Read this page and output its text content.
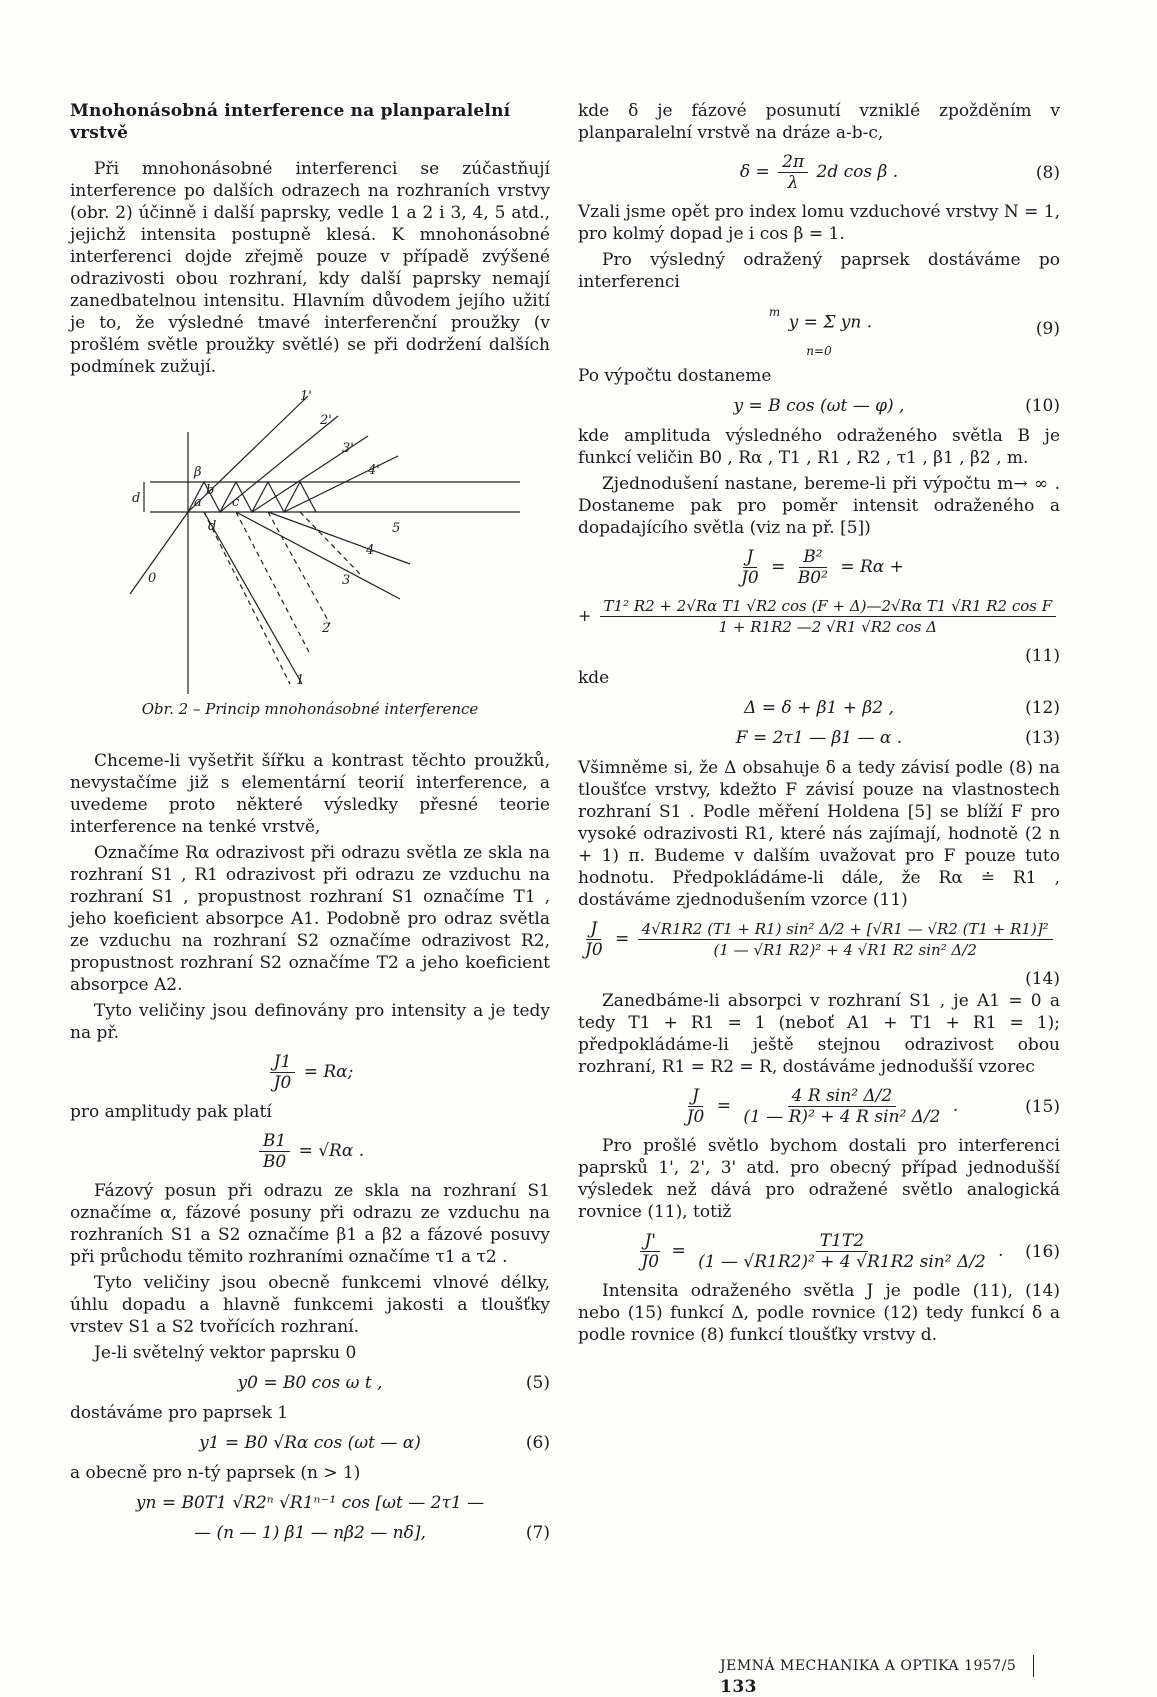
Mnohonásobná interference na planparalelní vrstvě

Při mnohonásobné interferenci se zúčastňují interference po dalších odrazech na rozhraních vrstvy (obr. 2) účinně i další paprsky, vedle 1 a 2 i 3, 4, 5 atd., jejichž intensita postupně klesá. K mnohonásobné interferenci dojde zřejmě pouze v případě zvýšené odrazivosti obou rozhraní, kdy další paprsky nemají zanedbatelnou intensitu. Hlavním důvodem jejího užití je to, že výsledné tmavé interferenční proužky (v prošlém světle proužky světlé) se při dodržení dalších podmínek zužují.

1'
2'
3'
4'
5
4
3
2
1
0
β
b
a c
d
d
Obr. 2 – Princip mnohonásobné interference

Chceme-li vyšetřit šířku a kontrast těchto proužků, nevystačíme již s elementární teorií interference, a uvedeme proto některé výsledky přesné teorie interference na tenké vrstvě,

Označíme Rα odrazivost při odrazu světla ze skla na rozhraní S1 , R1 odrazivost při odrazu ze vzduchu na rozhraní S1 , propustnost rozhraní S1 označíme T1 , jeho koeficient absorpce A1. Podobně pro odraz světla ze vzduchu na rozhraní S2 označíme odrazivost R2, propustnost rozhraní S2 označíme T2 a jeho koeficient absorpce A2.

Tyto veličiny jsou definovány pro intensity a je tedy na př.

$\frac{J1}{J0} = R\alpha$;

pro amplitudy pak platí

$\frac{B1}{B0} = √R\alpha$ .

Fázový posun při odrazu ze skla na rozhraní S1 označíme α, fázové posuny při odrazu ze vzduchu na rozhraních S1 a S2 označíme β1 a β2 a fázové posuvy při průchodu těmito rozhraními označíme τ1 a τ2 .

Tyto veličiny jsou obecně funkcemi vlnové délky, úhlu dopadu a hlavně funkcemi jakosti a tloušťky vrstev S1 a S2 tvořících rozhraní.

Je-li světelný vektor paprsku 0

y0 = B0 cos ω t ,	(5)

dostáváme pro paprsek 1

y1 = B0 √Rα cos (ωt — α)	(6)

a obecně pro n-tý paprsek (n > 1)

yn = B0T1 √R2ⁿ √R1ⁿ⁻¹ cos [ωt — 2τ1 —
— (n — 1) β1 — nβ2 — nδ],	(7)

kde δ je fázové posunutí vzniklé zpožděním v planparalelní vrstvě na dráze a-b-c,

$\delta = \frac{2\pi}{\lambda} 2d$ cos β .	(8)

Vzali jsme opět pro index lomu vzduchové vrstvy N = 1, pro kolmý dopad je i cos β = 1.

Pro výsledný odražený paprsek dostáváme po interferenci

m

y = Σ yn .
n=0
(9)

Po výpočtu dostaneme

y = B cos (ωt — φ) ,	(10)

kde amplituda výsledného odraženého světla B je funkcí veličin B0 , Rα , T1 , R1 , R2 , τ1 , β1 , β2 , m.

Zjednodušení nastane, bereme-li při výpočtu m→ ∞ . Dostaneme pak pro poměr intensit odraženého a dopadajícího světla (viz na př. [5])

$\frac{J}{J0} = \frac{\text{B²}}{\text{B0²}} = R\alpha$ +
+ $\frac{\text{T1² R2 + 2√Rα T1 √R2 cos (F + Δ)—2√Rα T1 √R1 R2 cos F}}{\text{1 + R1R2 —2 √R1 √R2 cos Δ}}$
(11)

kde

Δ = δ + β1 + β2 ,	(12)
F = 2τ1 — β1 — α .	(13)

Všimněme si, že Δ obsahuje δ a tedy závisí podle (8) na tloušťce vrstvy, kdežto F závisí pouze na vlastnostech rozhraní S1 . Podle měření Holdena [5] se blíží F pro vysoké odrazivosti R1, které nás zajímají, hodnotě (2 n + 1) π. Budeme v dalším uvažovat pro F pouze tuto hodnotu. Předpokládáme-li dále, že Rα ≐ R1 , dostáváme zjednodušením vzorce (11)

$\frac{J}{J0} = \frac{\text{4√R1R2 (T1 + R1) sin² Δ/2 + [√R1 — √R2 (T1 + R1)]²}}{\text{(1 — √R1 R2)² + 4 √R1 R2 sin² Δ/2}}$
(14)

Zanedbáme-li absorpci v rozhraní S1 , je A1 = 0 a tedy T1 + R1 = 1 (neboť A1 + T1 + R1 = 1); předpokládáme-li ještě stejnou odrazivost obou rozhraní, R1 = R2 = R, dostáváme jednodušší vzorec

$\frac{J}{J0} = \frac{\text{4 R sin² Δ/2}}{\text{(1 — R)² + 4 R sin² Δ/2}}$ .	(15)

Pro prošlé světlo bychom dostali pro interferenci paprsků 1', 2', 3' atd. pro obecný případ jednodušší výsledek než dává pro odražené světlo analogická rovnice (11), totiž

$\frac{J'}{J0} = \frac{T1T2}{\text{(1 — √R1R2)² + 4 √R1R2 sin² Δ/2}}$ . (16)

Intensita odraženého světla J je podle (11), (14) nebo (15) funkcí Δ, podle rovnice (12) tedy funkcí δ a podle rovnice (8) funkcí tloušťky vrstvy d.

JEMNÁ MECHANIKA A OPTIKA 1957/5  133
